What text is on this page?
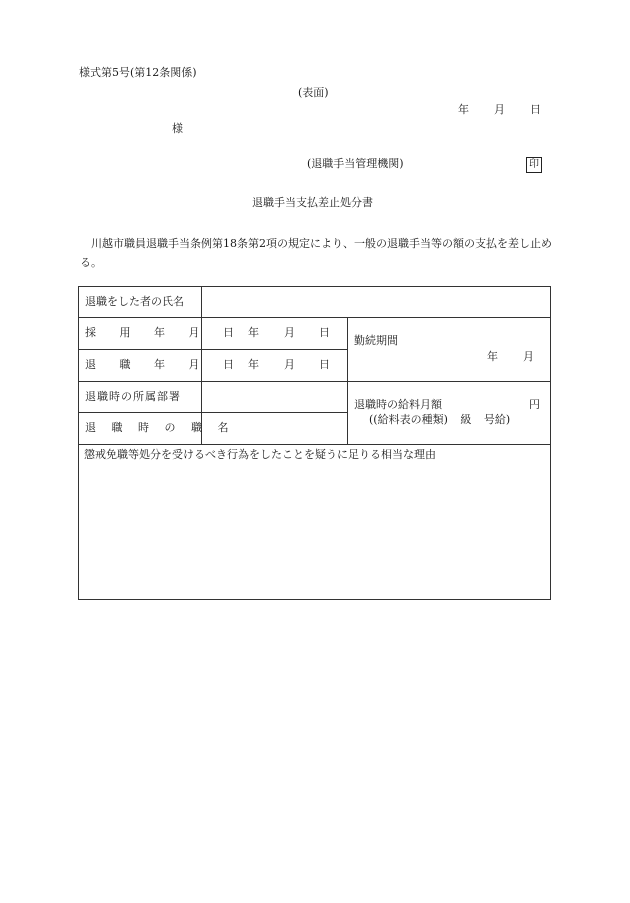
様式第5号(第12条関係)
(表面)
年 月 日
様
(退職手当管理機関)	印
退職手当支払差止処分書
川越市職員退職手当条例第18条第2項の規定により、一般の退職手当等の額の支払を差し止める。
退職をした者の氏名
採 用 年 月 日 年 月 日
退 職 年 月 日 年 月 日
勤続期間
年 月
退職時の所属部署
退 職 時 の 職 名
退職時の給料月額	円
((給料表の種類) 級 号給)
懲戒免職等処分を受けるべき行為をしたことを疑うに足りる相当な理由
